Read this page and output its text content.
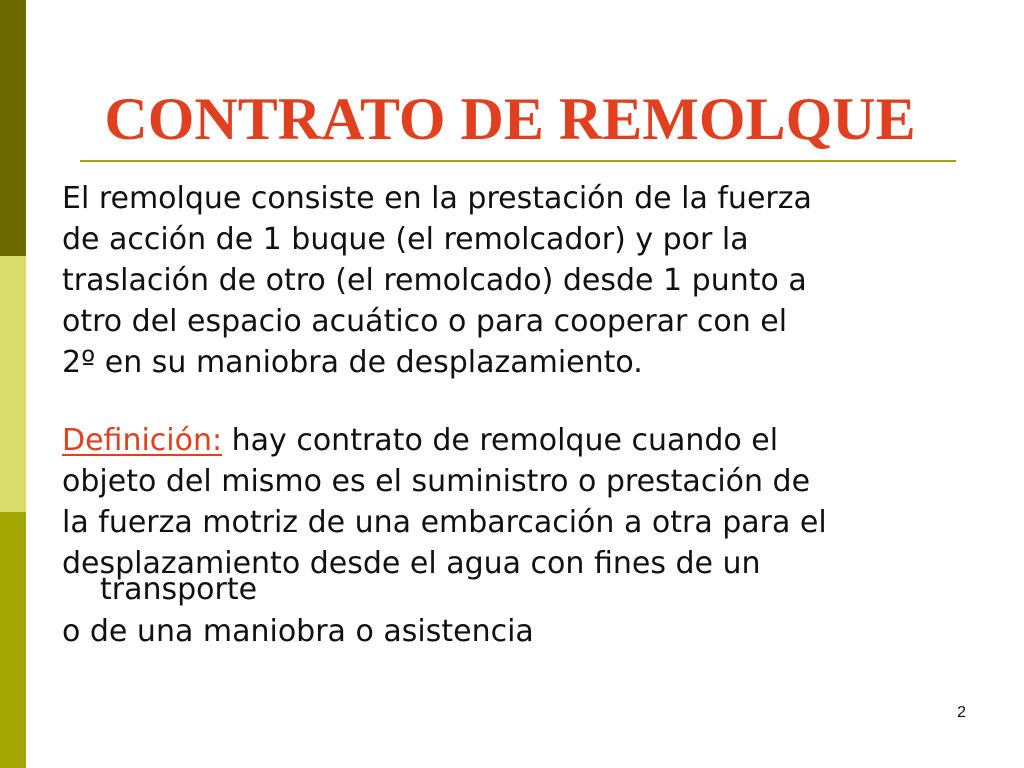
CONTRATO DE REMOLQUE

El remolque consiste en la prestación de la fuerza
de acción de 1 buque (el remolcador) y por la
traslación de otro (el remolcado) desde 1 punto a
otro del espacio acuático o para cooperar con el
2º en su maniobra de desplazamiento.

Definición: hay contrato de remolque cuando el
objeto del mismo es el suministro o prestación de
la fuerza motriz de una embarcación a otra para el
desplazamiento desde el agua con fines de un
transporte
o de una maniobra o asistencia

2
